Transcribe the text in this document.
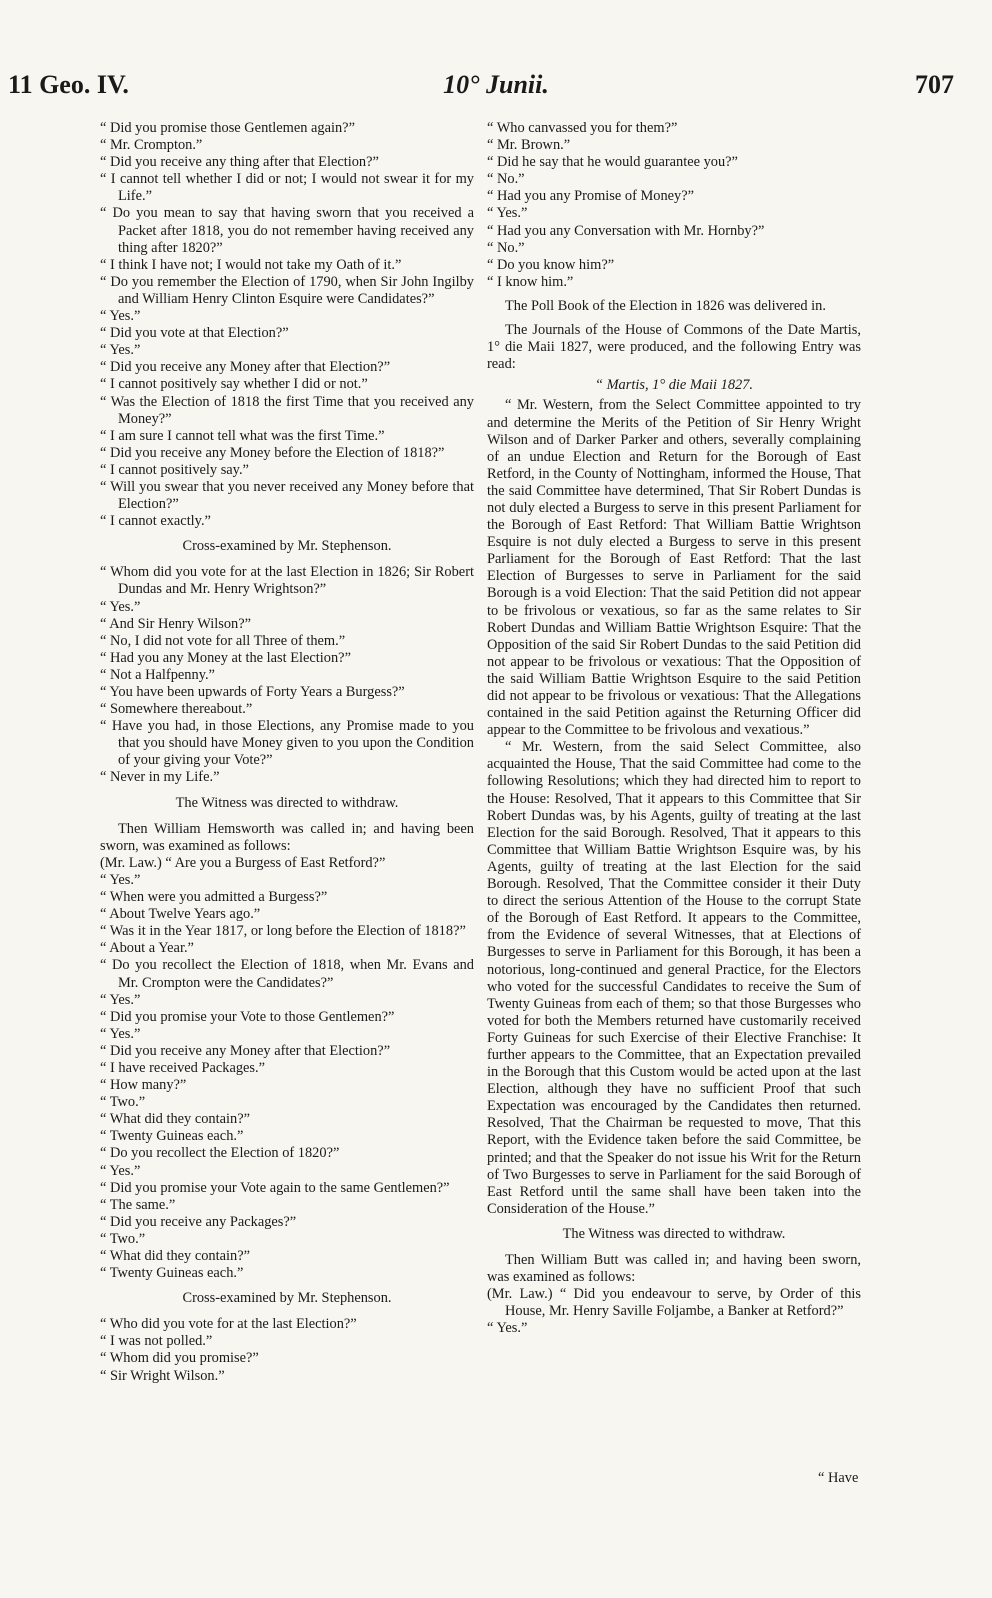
10° Junii.
11 Geo. IV.	707
“ Did you promise those Gentlemen again?”
“ Mr. Crompton.”
“ Did you receive any thing after that Election?”
“ I cannot tell whether I did or not; I would not swear it for my Life.”
“ Do you mean to say that having sworn that you received a Packet after 1818, you do not remember having received any thing after 1820?”
“ I think I have not; I would not take my Oath of it.”
“ Do you remember the Election of 1790, when Sir John Ingilby and William Henry Clinton Esquire were Candidates?”
“ Yes.”
“ Did you vote at that Election?”
“ Yes.”
“ Did you receive any Money after that Election?”
“ I cannot positively say whether I did or not.”
“ Was the Election of 1818 the first Time that you received any Money?”
“ I am sure I cannot tell what was the first Time.”
“ Did you receive any Money before the Election of 1818?”
“ I cannot positively say.”
“ Will you swear that you never received any Money before that Election?”
“ I cannot exactly.”
Cross-examined by Mr. Stephenson.
“ Whom did you vote for at the last Election in 1826; Sir Robert Dundas and Mr. Henry Wrightson?”
“ Yes.”
“ And Sir Henry Wilson?”
“ No, I did not vote for all Three of them.”
“ Had you any Money at the last Election?”
“ Not a Halfpenny.”
“ You have been upwards of Forty Years a Burgess?”
“ Somewhere thereabout.”
“ Have you had, in those Elections, any Promise made to you that you should have Money given to you upon the Condition of your giving your Vote?”
“ Never in my Life.”
The Witness was directed to withdraw.
Then William Hemsworth was called in; and having been sworn, was examined as follows:
(Mr. Law.) “ Are you a Burgess of East Retford?”
“ Yes.”
“ When were you admitted a Burgess?”
“ About Twelve Years ago.”
“ Was it in the Year 1817, or long before the Election of 1818?”
“ About a Year.”
“ Do you recollect the Election of 1818, when Mr. Evans and Mr. Crompton were the Candidates?”
“ Yes.”
“ Did you promise your Vote to those Gentlemen?”
“ Yes.”
“ Did you receive any Money after that Election?”
“ I have received Packages.”
“ How many?”
“ Two.”
“ What did they contain?”
“ Twenty Guineas each.”
“ Do you recollect the Election of 1820?”
“ Yes.”
“ Did you promise your Vote again to the same Gentlemen?”
“ The same.”
“ Did you receive any Packages?”
“ Two.”
“ What did they contain?”
“ Twenty Guineas each.”
Cross-examined by Mr. Stephenson.
“ Who did you vote for at the last Election?”
“ I was not polled.”
“ Whom did you promise?”
“ Sir Wright Wilson.”
“ Who canvassed you for them?”
“ Mr. Brown.”
“ Did he say that he would guarantee you?”
“ No.”
“ Had you any Promise of Money?”
“ Yes.”
“ Had you any Conversation with Mr. Hornby?”
“ No.”
“ Do you know him?”
“ I know him.”
The Poll Book of the Election in 1826 was delivered in.
The Journals of the House of Commons of the Date Martis, 1° die Maii 1827, were produced, and the following Entry was read:
“ Martis, 1° die Maii 1827.
“ Mr. Western, from the Select Committee appointed to try and determine the Merits of the Petition of Sir Henry Wright Wilson and of Darker Parker and others, severally complaining of an undue Election and Return for the Borough of East Retford, in the County of Nottingham, informed the House, That the said Committee have determined, That Sir Robert Dundas is not duly elected a Burgess to serve in this present Parliament for the Borough of East Retford: That William Battie Wrightson Esquire is not duly elected a Burgess to serve in this present Parliament for the Borough of East Retford: That the last Election of Burgesses to serve in Parliament for the said Borough is a void Election: That the said Petition did not appear to be frivolous or vexatious, so far as the same relates to Sir Robert Dundas and William Battie Wrightson Esquire: That the Opposition of the said Sir Robert Dundas to the said Petition did not appear to be frivolous or vexatious: That the Opposition of the said William Battie Wrightson Esquire to the said Petition did not appear to be frivolous or vexatious: That the Allegations contained in the said Petition against the Returning Officer did appear to the Committee to be frivolous and vexatious.”
“ Mr. Western, from the said Select Committee, also acquainted the House, That the said Committee had come to the following Resolutions; which they had directed him to report to the House: Resolved, That it appears to this Committee that Sir Robert Dundas was, by his Agents, guilty of treating at the last Election for the said Borough. Resolved, That it appears to this Committee that William Battie Wrightson Esquire was, by his Agents, guilty of treating at the last Election for the said Borough. Resolved, That the Committee consider it their Duty to direct the serious Attention of the House to the corrupt State of the Borough of East Retford. It appears to the Committee, from the Evidence of several Witnesses, that at Elections of Burgesses to serve in Parliament for this Borough, it has been a notorious, long-continued and general Practice, for the Electors who voted for the successful Candidates to receive the Sum of Twenty Guineas from each of them; so that those Burgesses who voted for both the Members returned have customarily received Forty Guineas for such Exercise of their Elective Franchise: It further appears to the Committee, that an Expectation prevailed in the Borough that this Custom would be acted upon at the last Election, although they have no sufficient Proof that such Expectation was encouraged by the Candidates then returned. Resolved, That the Chairman be requested to move, That this Report, with the Evidence taken before the said Committee, be printed; and that the Speaker do not issue his Writ for the Return of Two Burgesses to serve in Parliament for the said Borough of East Retford until the same shall have been taken into the Consideration of the House.”
The Witness was directed to withdraw.
Then William Butt was called in; and having been sworn, was examined as follows:
(Mr. Law.) “ Did you endeavour to serve, by Order of this House, Mr. Henry Saville Foljambe, a Banker at Retford?”
“ Yes.”
“ Have
